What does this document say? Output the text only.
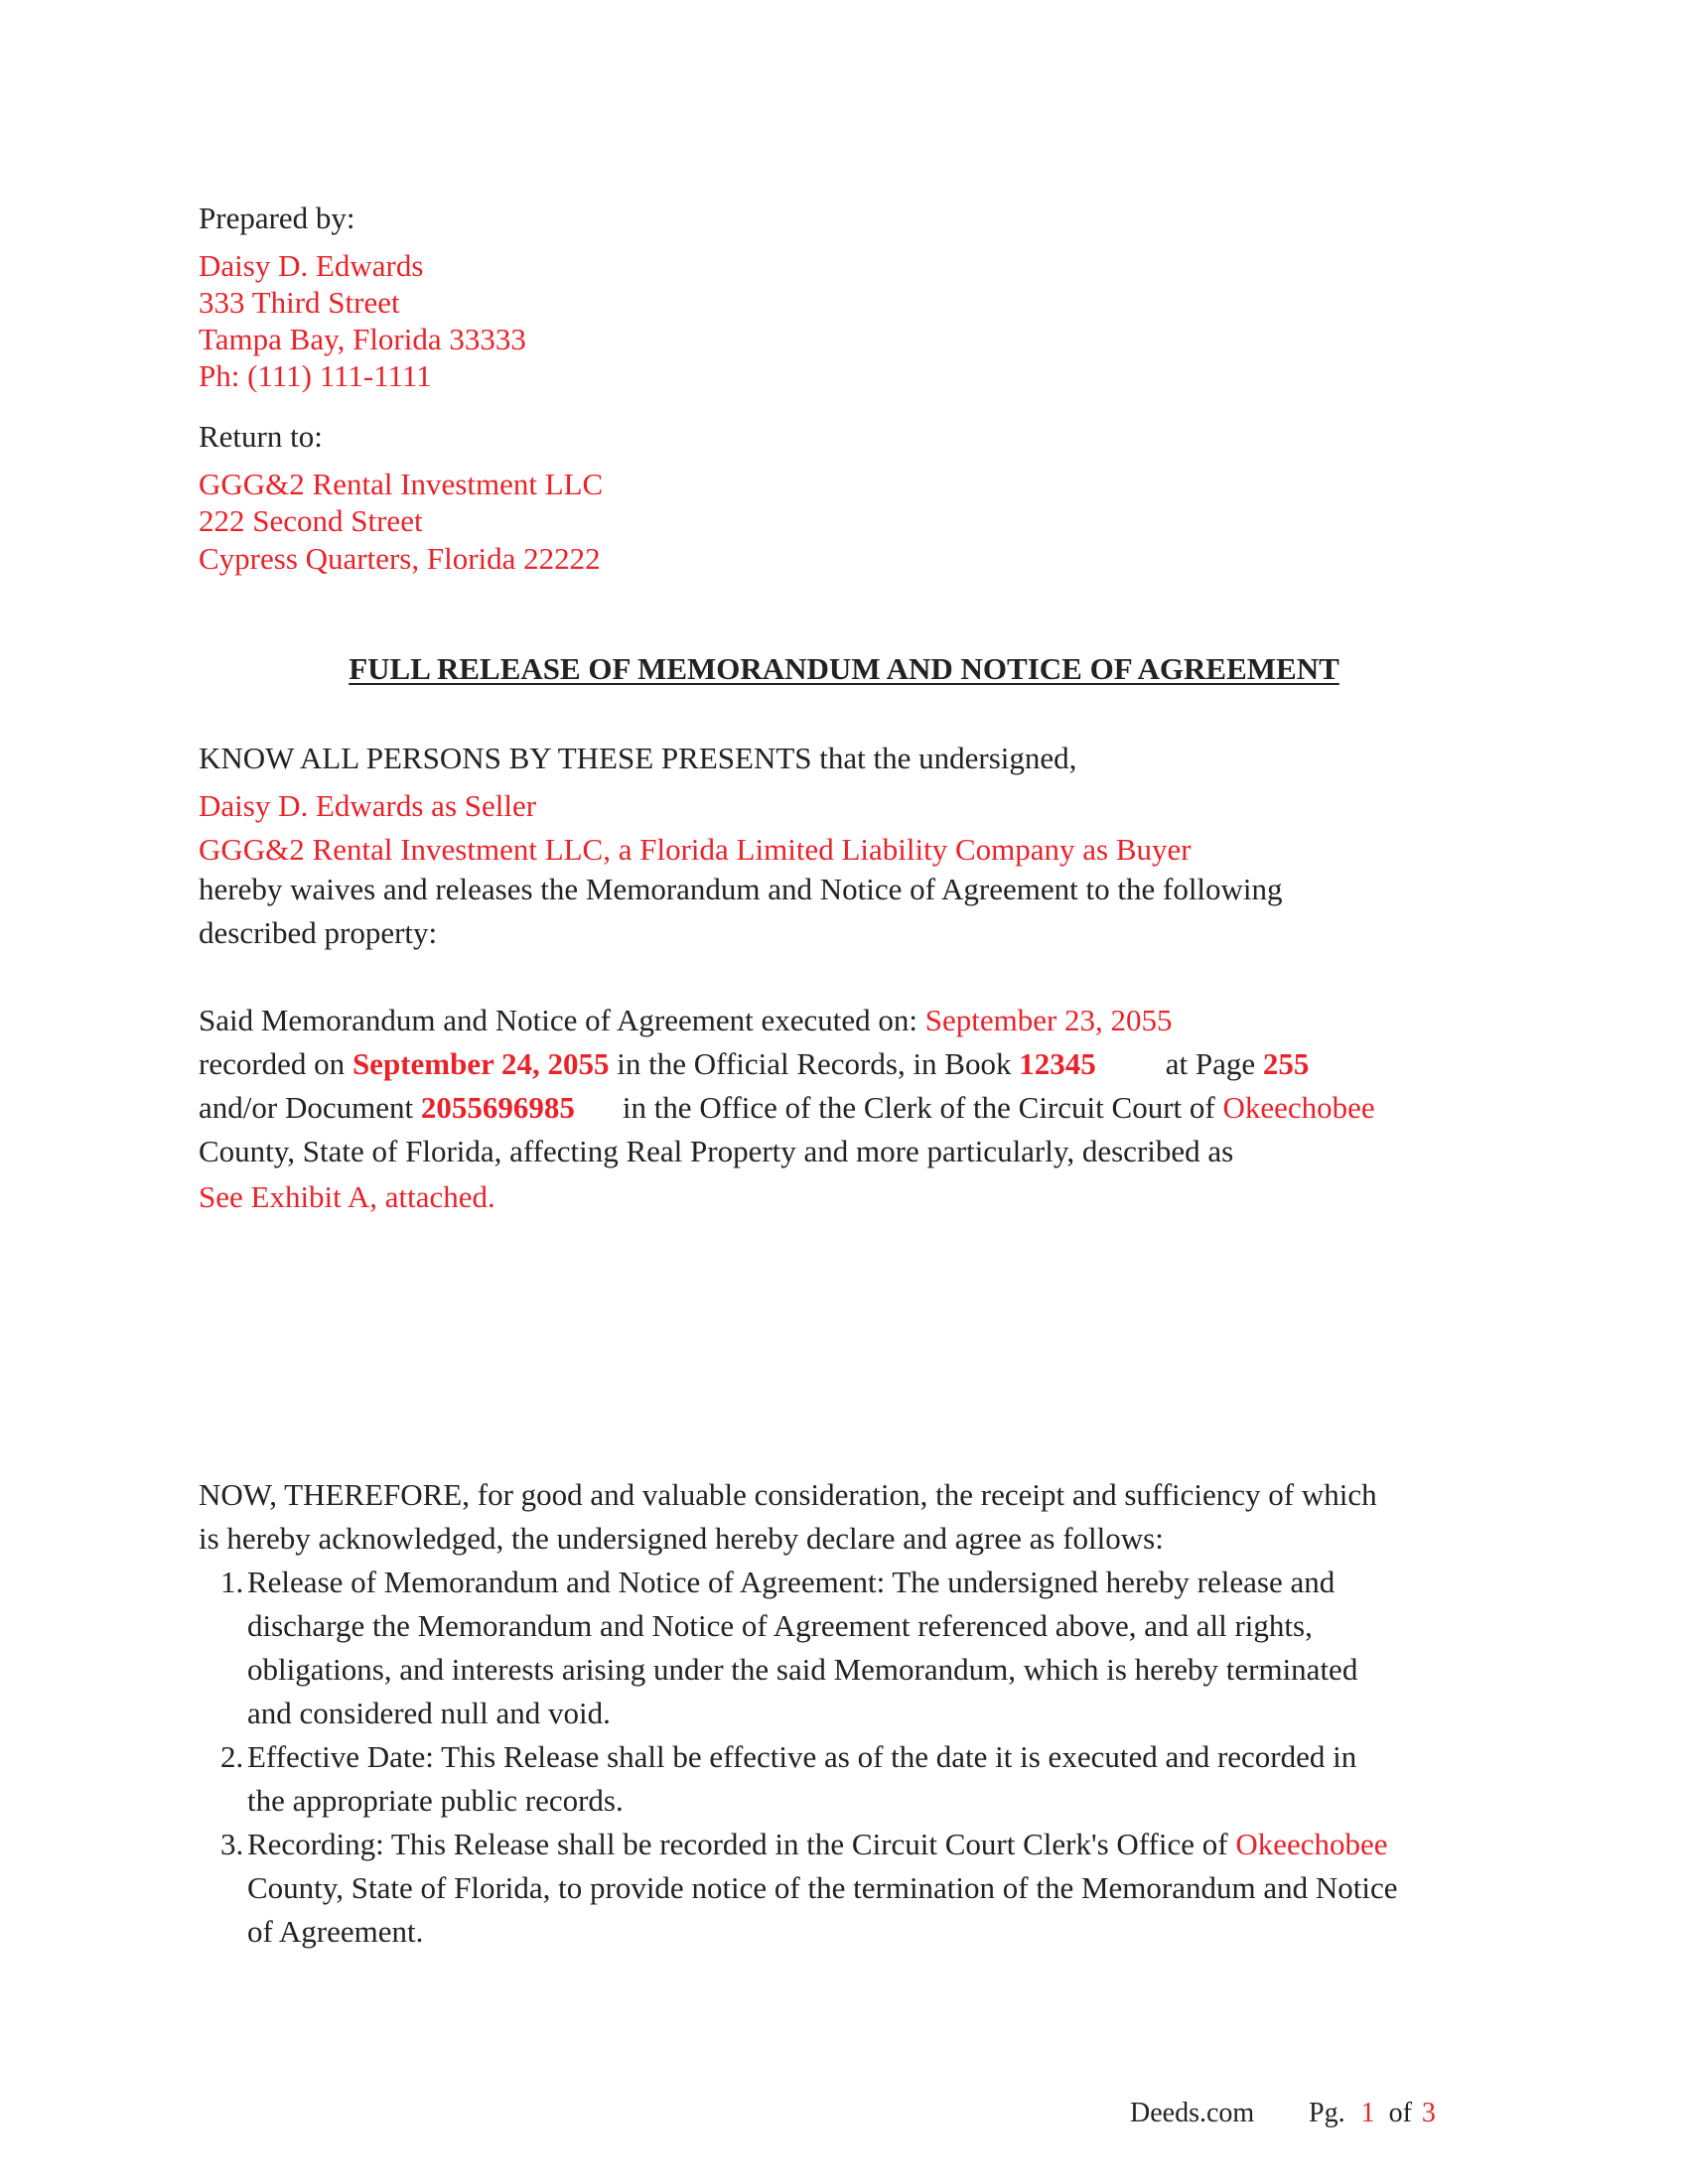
Prepared by:
Daisy D. Edwards
333 Third Street
Tampa Bay, Florida 33333
Ph: (111) 111-1111
Return to:
GGG&2 Rental Investment LLC
222 Second Street
Cypress Quarters, Florida 22222
FULL RELEASE OF MEMORANDUM AND NOTICE OF AGREEMENT
KNOW ALL PERSONS BY THESE PRESENTS that the undersigned,
Daisy D. Edwards as Seller
GGG&2 Rental Investment LLC, a Florida Limited Liability Company as Buyer
hereby waives and releases the Memorandum and Notice of Agreement to the following
described property:
Said Memorandum and Notice of Agreement executed on: September 23, 2055
recorded on September 24, 2055 in the Official Records, in Book 12345 at Page 255
and/or Document 2055696985 in the Office of the Clerk of the Circuit Court of Okeechobee
County, State of Florida, affecting Real Property and more particularly, described as
See Exhibit A, attached.
NOW, THEREFORE, for good and valuable consideration, the receipt and sufficiency of which
is hereby acknowledged, the undersigned hereby declare and agree as follows:
1. Release of Memorandum and Notice of Agreement: The undersigned hereby release and
discharge the Memorandum and Notice of Agreement referenced above, and all rights,
obligations, and interests arising under the said Memorandum, which is hereby terminated
and considered null and void.
2. Effective Date: This Release shall be effective as of the date it is executed and recorded in
the appropriate public records.
3. Recording: This Release shall be recorded in the Circuit Court Clerk's Office of Okeechobee
County, State of Florida, to provide notice of the termination of the Memorandum and Notice
of Agreement.
Deeds.com Pg. 1 of 3
